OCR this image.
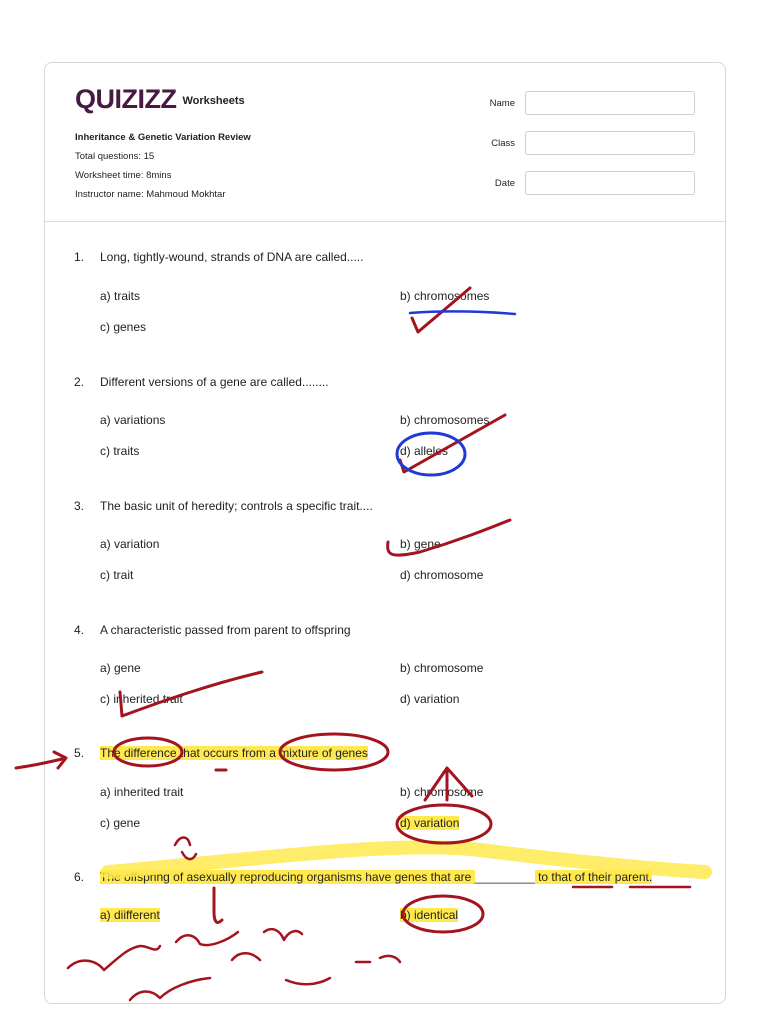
QUIZIZZ Worksheets
Inheritance & Genetic Variation Review
Total questions: 15
Worksheet time: 8mins
Instructor name: Mahmoud Mokhtar
Name
Class
Date
1. Long, tightly-wound, strands of DNA are called.....
a) traits	b) chromosomes
c) genes
2. Different versions of a gene are called........
a) variations	b) chromosomes
c) traits	d) alleles
3. The basic unit of heredity; controls a specific trait....
a) variation	b) gene
c) trait	d) chromosome
4. A characteristic passed from parent to offspring
a) gene	b) chromosome
c) inherited trait	d) variation
5. The difference that occurs from a mixture of genes
a) inherited trait	b) chromosome
c) gene	d) variation
6. The offspring of asexually reproducing organisms have genes that are _________ to that of their parent.
a) diifferent	b) identical
